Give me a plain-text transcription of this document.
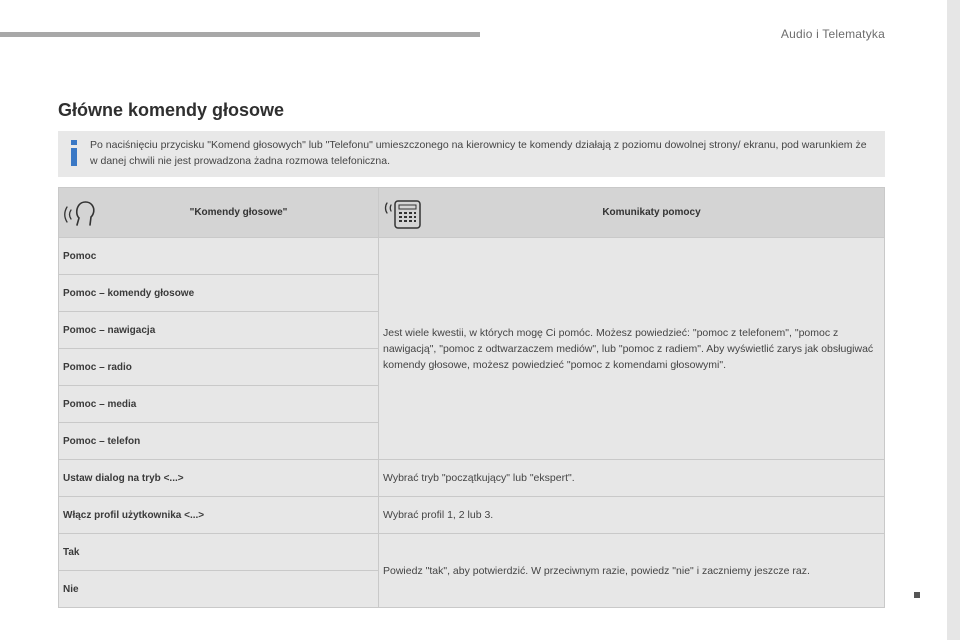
Audio i Telematyka
Główne komendy głosowe
Po naciśnięciu przycisku "Komend głosowych" lub "Telefonu" umieszczonego na kierownicy te komendy działają z poziomu dowolnej strony/ ekranu, pod warunkiem że w danej chwili nie jest prowadzona żadna rozmowa telefoniczna.
"Komendy głosowe"	Komunikaty pomocy

Pomoc	Jest wiele kwestii, w których mogę Ci pomóc. Możesz powiedzieć: "pomoc z telefonem", "pomoc z nawigacją", "pomoc z odtwarzaczem mediów", lub "pomoc z radiem". Aby wyświetlić zarys jak obsługiwać komendy głosowe, możesz powiedzieć "pomoc z komendami głosowymi".
Pomoc – komendy głosowe	
Pomoc – nawigacja	
Pomoc – radio	
Pomoc – media	
Pomoc – telefon	
Ustaw dialog na tryb <...>	Wybrać tryb "początkujący" lub "ekspert".
Włącz profil użytkownika <...>	Wybrać profil 1, 2 lub 3.
Tak	Powiedz "tak", aby potwierdzić. W przeciwnym razie, powiedz "nie" i zaczniemy jeszcze raz.
Nie	
